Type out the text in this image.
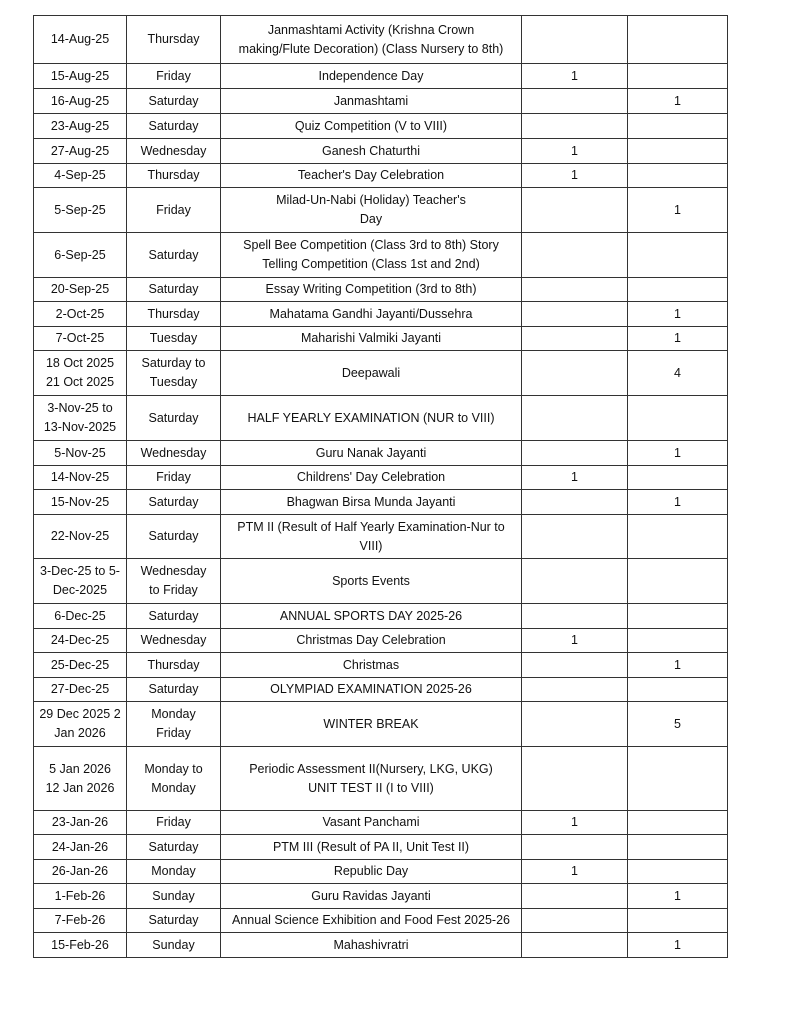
14-Aug-25	Thursday	Janmashtami Activity (Krishna Crown
making/Flute Decoration) (Class Nursery to 8th)		
15-Aug-25	Friday	Independence Day	1	
16-Aug-25	Saturday	Janmashtami		1
23-Aug-25	Saturday	Quiz Competition (V to VIII)		
27-Aug-25	Wednesday	Ganesh Chaturthi	1	
4-Sep-25	Thursday	Teacher's Day Celebration	1	
5-Sep-25	Friday	Milad-Un-Nabi (Holiday) Teacher's
Day		1
6-Sep-25	Saturday	Spell Bee Competition (Class 3rd to 8th) Story
Telling Competition (Class 1st and 2nd)		
20-Sep-25	Saturday	Essay Writing Competition (3rd to 8th)		
2-Oct-25	Thursday	Mahatama Gandhi Jayanti/Dussehra		1
7-Oct-25	Tuesday	Maharishi Valmiki Jayanti		1
18 Oct 2025
21 Oct 2025	Saturday to
Tuesday	Deepawali		4
3-Nov-25 to
13-Nov-2025	Saturday	HALF YEARLY EXAMINATION (NUR to VIII)		
5-Nov-25	Wednesday	Guru Nanak Jayanti		1
14-Nov-25	Friday	Childrens' Day Celebration	1	
15-Nov-25	Saturday	Bhagwan Birsa Munda Jayanti		1
22-Nov-25	Saturday	PTM II (Result of Half Yearly Examination-Nur to
VIII)		
3-Dec-25 to 5-
Dec-2025	Wednesday
to Friday	Sports Events		
6-Dec-25	Saturday	ANNUAL SPORTS DAY 2025-26		
24-Dec-25	Wednesday	Christmas Day Celebration	1	
25-Dec-25	Thursday	Christmas		1
27-Dec-25	Saturday	OLYMPIAD EXAMINATION 2025-26		
29 Dec 2025 2
Jan 2026	Monday
Friday	WINTER BREAK		5
5 Jan 2026
12 Jan 2026	Monday to
Monday	Periodic Assessment II(Nursery, LKG, UKG)
UNIT TEST II (I to VIII)		
23-Jan-26	Friday	Vasant Panchami	1	
24-Jan-26	Saturday	PTM III (Result of PA II, Unit Test II)		
26-Jan-26	Monday	Republic Day	1	
1-Feb-26	Sunday	Guru Ravidas Jayanti		1
7-Feb-26	Saturday	Annual Science Exhibition and Food Fest 2025-26		
15-Feb-26	Sunday	Mahashivratri		1
